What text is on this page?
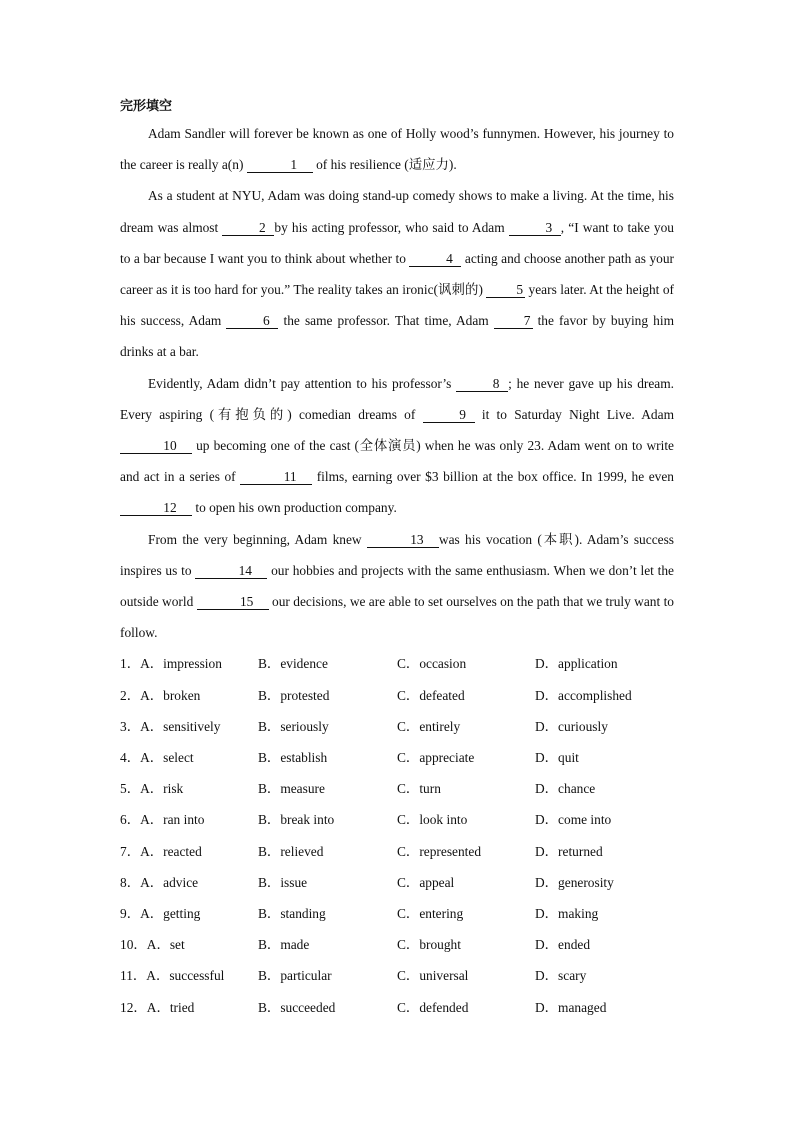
完形填空

Adam Sandler will forever be known as one of Holly wood’s funnymen. However, his journey to the career is really a(n)	1 of his resilience (适应力).

As a student at NYU, Adam was doing stand-up comedy shows to make a living. At the time, his dream was almost	2 by his acting professor, who said to Adam	3 , “I want to take you to a bar because I want you to think about whether to	4 acting and choose another path as your career as it is too hard for you.” The reality takes an ironic(讽刺的) 5 years later. At the height of his success, Adam	6 the same professor. That time, Adam 7 the favor by buying him drinks at a bar.

Evidently, Adam didn’t pay attention to his professor’s	8 ; he never gave up his dream. Every aspiring (有抱负的) comedian dreams of	9 it to Saturday Night Live. Adam 10 up becoming one of the cast (全体演员) when he was only 23. Adam went on to write and act in a series of	11 films, earning over $3 billion at the box office. In 1999, he even 12 to open his own production company.

From the very beginning, Adam knew	13 was his vocation (本职). Adam’s success inspires us to	14 our hobbies and projects with the same enthusiasm. When we don’t let the outside world	15 our decisions, we are able to set ourselves on the path that we truly want to follow.

1．A．impression	B．evidence	C．occasion	D．application
2．A．broken	B．protested	C．defeated	D．accomplished
3．A．sensitively	B．seriously	C．entirely	D．curiously
4．A．select	B．establish	C．appreciate	D．quit
5．A．risk	B．measure	C．turn	D．chance
6．A．ran into	B．break into	C．look into	D．come into
7．A．reacted	B．relieved	C．represented	D．returned
8．A．advice	B．issue	C．appeal	D．generosity
9．A．getting	B．standing	C．entering	D．making
10．A．set	B．made	C．brought	D．ended
11．A．successful	B．particular	C．universal	D．scary
12．A．tried	B．succeeded	C．defended	D．managed
